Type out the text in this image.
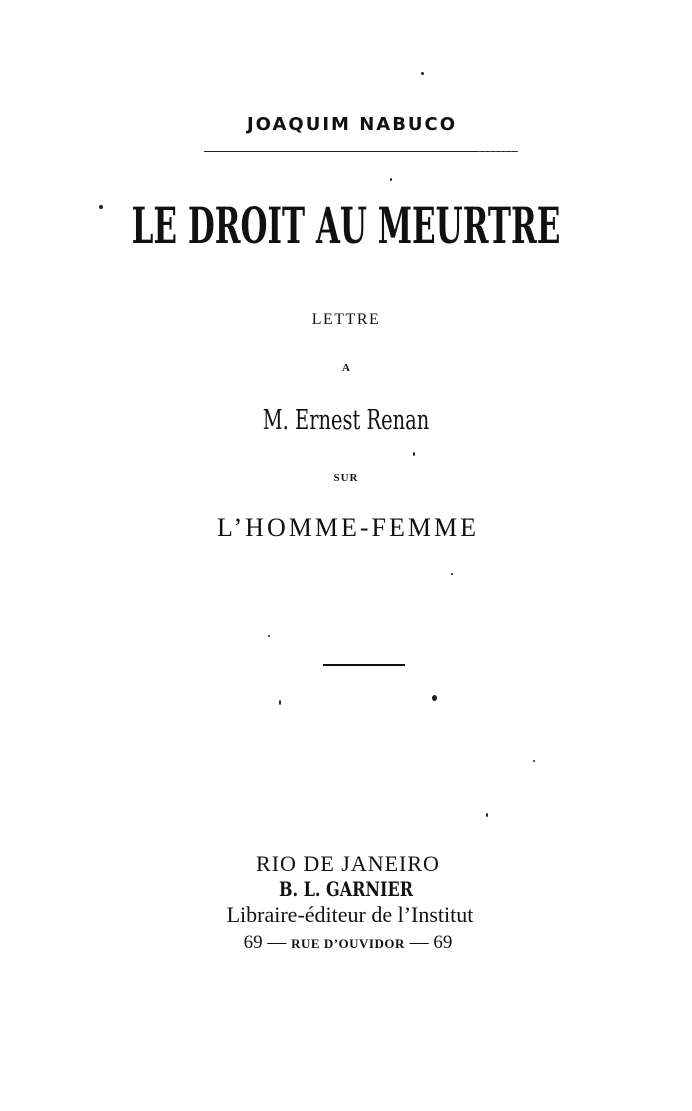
JOAQUIM NABUCO
LE DROIT AU MEURTRE
LETTRE
A
M. Ernest Renan
SUR
L’HOMME-FEMME
RIO DE JANEIRO
B. L. GARNIER
Libraire-éditeur de l’Institut
69 — RUE D’OUVIDOR — 69
